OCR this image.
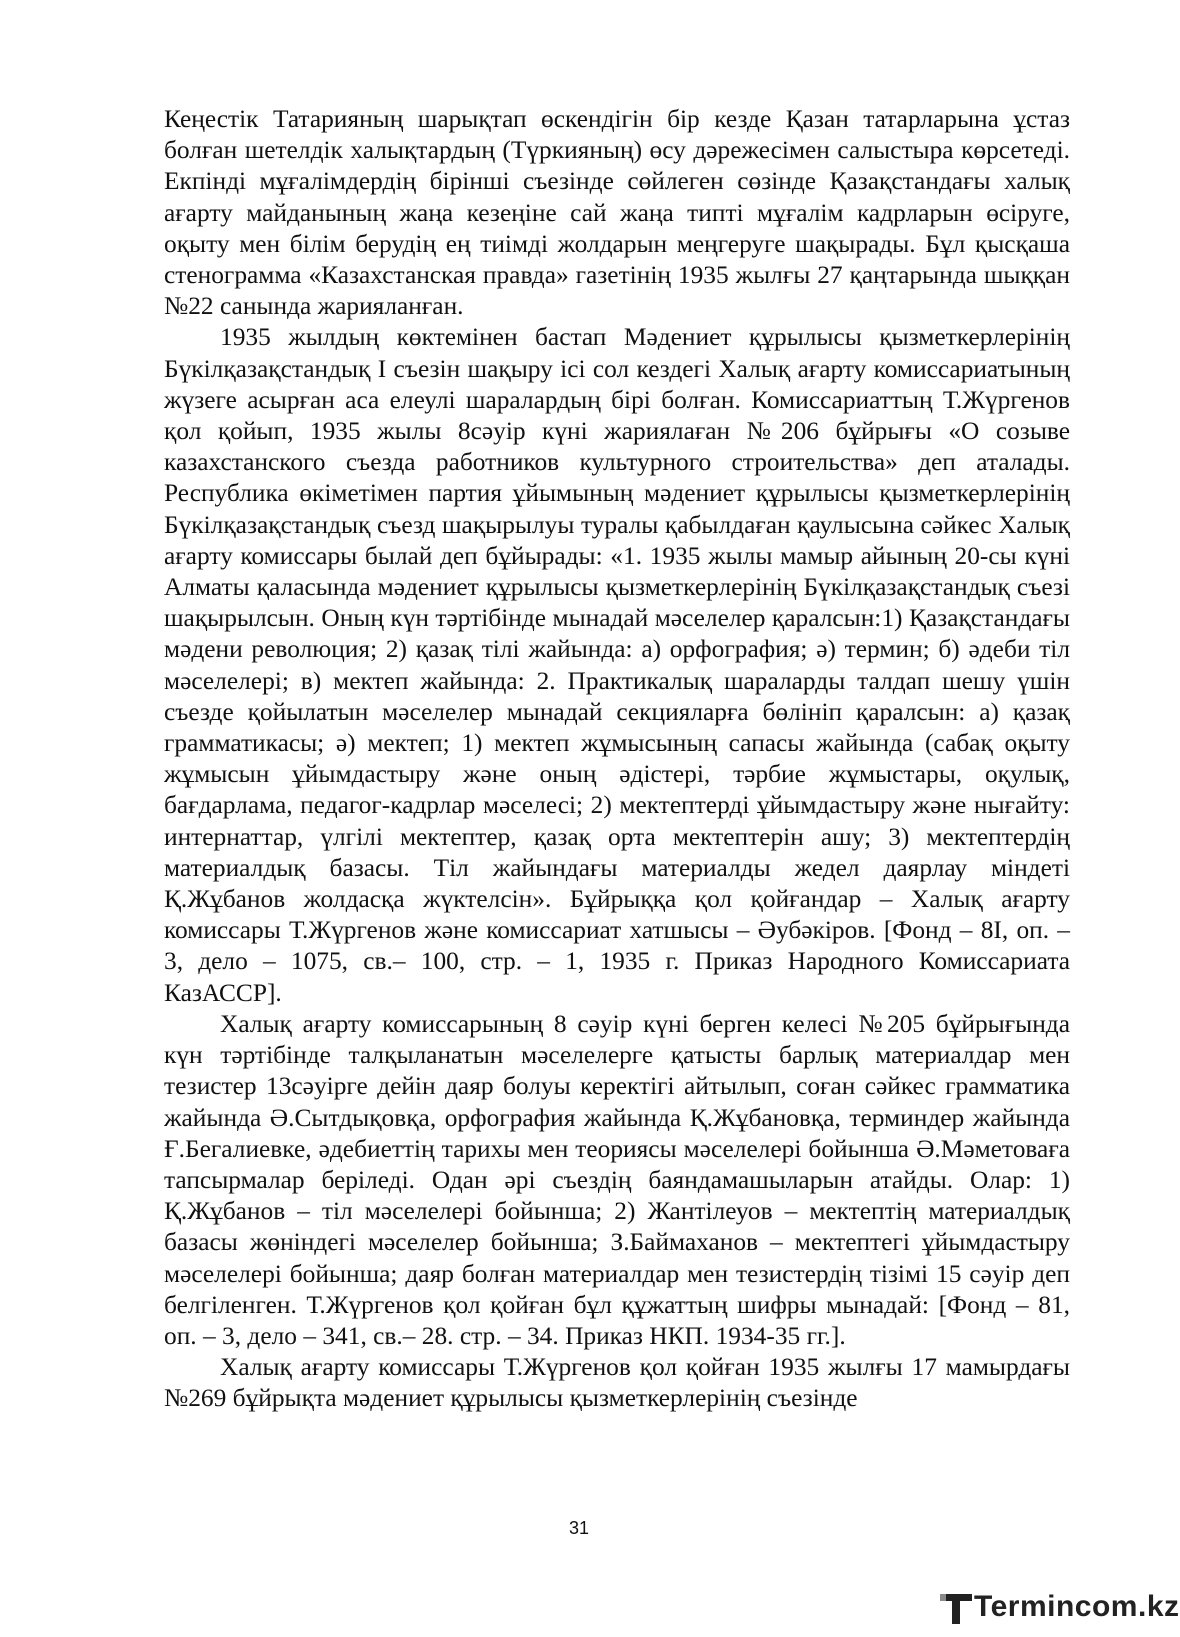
Кеңестік Татарияның шарықтап өскендігін бір кезде Қазан татарларына ұстаз болған шетелдік халықтардың (Түркияның) өсу дәрежесімен салыстыра көрсетеді. Екпінді мұғалімдердің бірінші съезінде сөйлеген сөзінде Қазақстандағы халық ағарту майданының жаңа кезеңіне сай жаңа типті мұғалім кадрларын өсіруге, оқыту мен білім берудің ең тиімді жолдарын меңгеруге шақырады. Бұл қысқаша стенограмма «Казахстанская правда» газетінің 1935 жылғы 27 қаңтарында шыққан №22 санында жарияланған.

1935 жылдың көктемінен бастап Мәдениет құрылысы қызметкерлерінің Бүкілқазақстандық І съезін шақыру ісі сол кездегі Халық ағарту комиссариатының жүзеге асырған аса елеулі шаралардың бірі болған. Комиссариаттың Т.Жүргенов қол қойып, 1935 жылы 8сәуір күні жариялаған №206 бұйрығы «О созыве казахстанского съезда работников культурного строительства» деп аталады. Республика өкіметімен партия ұйымының мәдениет құрылысы қызметкерлерінің Бүкілқазақстандық съезд шақырылуы туралы қабылдаған қаулысына сәйкес Халық ағарту комиссары былай деп бұйырады: «1. 1935 жылы мамыр айының 20-сы күні Алматы қаласында мәдениет құрылысы қызметкерлерінің Бүкілқазақстандық съезі шақырылсын. Оның күн тәртібінде мынадай мәселелер қаралсын:1) Қазақстандағы мәдени революция; 2) қазақ тілі жайында: а) орфография; ә) термин; б) әдеби тіл мәселелері; в) мектеп жайында: 2. Практикалық шараларды талдап шешу үшін съезде қойылатын мәселелер мынадай секцияларға бөлініп қаралсын: а) қазақ грамматикасы; ә) мектеп; 1) мектеп жұмысының сапасы жайында (сабақ оқыту жұмысын ұйымдастыру және оның әдістері, тәрбие жұмыстары, оқулық, бағдарлама, педагог-кадрлар мәселесі; 2) мектептерді ұйымдастыру және нығайту: интернаттар, үлгілі мектептер, қазақ орта мектептерін ашу; 3) мектептердің материалдық базасы. Тіл жайындағы материалды жедел даярлау міндеті Қ.Жұбанов жолдасқа жүктелсін». Бұйрыққа қол қойғандар – Халық ағарту комиссары Т.Жүргенов және комиссариат хатшысы – Әубәкіров. [Фонд – 8І, оп. – 3, дело – 1075, св.– 100, стр. – 1, 1935 г. Приказ Народного Комиссариата КазАССР].

Халық ағарту комиссарының 8 сәуір күні берген келесі №205 бұйрығында күн тәртібінде талқыланатын мәселелерге қатысты барлық материалдар мен тезистер 13сәуірге дейін даяр болуы керектігі айтылып, соған сәйкес грамматика жайында Ә.Сытдықовқа, орфография жайында Қ.Жұбановқа, терминдер жайында Ғ.Бегалиевке, әдебиеттің тарихы мен теориясы мәселелері бойынша Ә.Мәметоваға тапсырмалар беріледі. Одан әрі съездің баяндамашыларын атайды. Олар: 1) Қ.Жұбанов – тіл мәселелері бойынша; 2) Жантілеуов – мектептің материалдық базасы жөніндегі мәселелер бойынша; З.Баймаханов – мектептегі ұйымдастыру мәселелері бойынша; даяр болған материалдар мен тезистердің тізімі 15 сәуір деп белгіленген. Т.Жүргенов қол қойған бұл құжаттың шифры мынадай: [Фонд – 81, оп. – 3, дело – 341, св.– 28. стр. – 34. Приказ НКП. 1934-35 гг.].

Халық ағарту комиссары Т.Жүргенов қол қойған 1935 жылғы 17 мамырдағы №269 бұйрықта мәдениет құрылысы қызметкерлерінің съезінде

31
Termincom.kz
